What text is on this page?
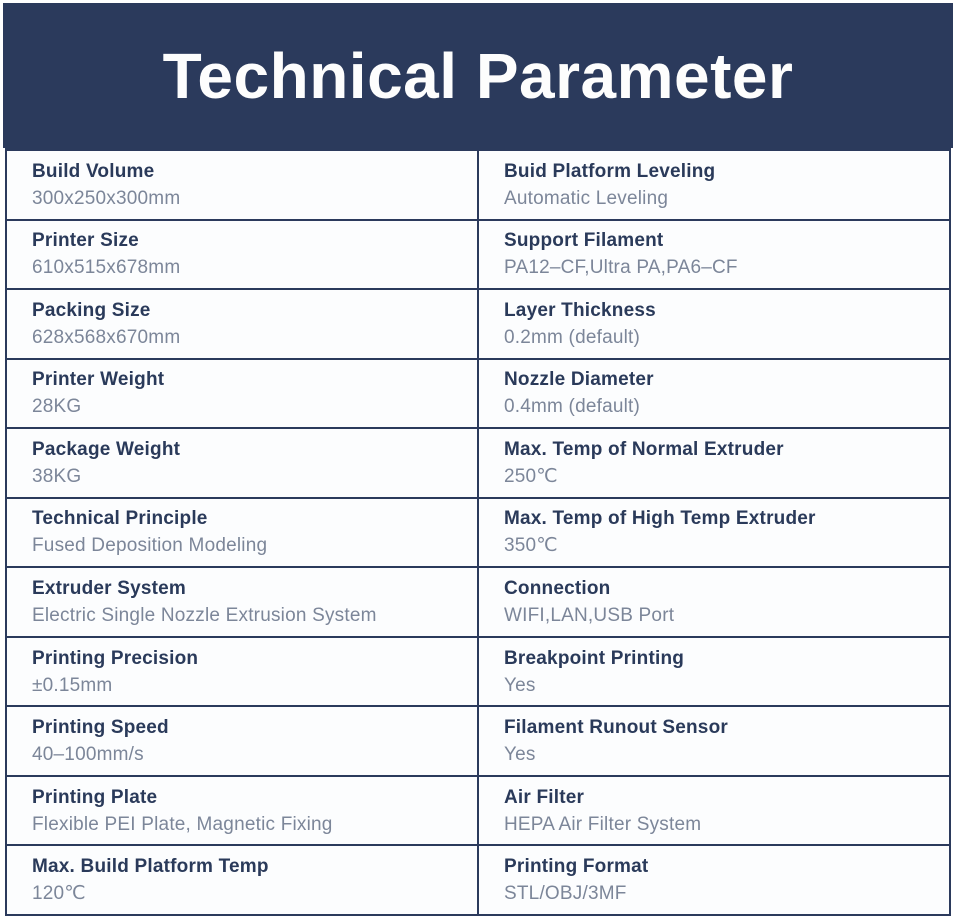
Technical Parameter
Build Volume
300x250x300mm
Buid Platform Leveling
Automatic Leveling
Printer Size
610x515x678mm
Support Filament
PA12–CF,Ultra PA,PA6–CF
Packing Size
628x568x670mm
Layer Thickness
0.2mm (default)
Printer Weight
28KG
Nozzle Diameter
0.4mm (default)
Package Weight
38KG
Max. Temp of Normal Extruder
250℃
Technical Principle
Fused Deposition Modeling
Max. Temp of High Temp Extruder
350℃
Extruder System
Electric Single Nozzle Extrusion System
Connection
WIFI,LAN,USB Port
Printing Precision
±0.15mm
Breakpoint Printing
Yes
Printing Speed
40–100mm/s
Filament Runout Sensor
Yes
Printing Plate
Flexible PEI Plate, Magnetic Fixing
Air Filter
HEPA Air Filter System
Max. Build Platform Temp
120℃
Printing Format
STL/OBJ/3MF
